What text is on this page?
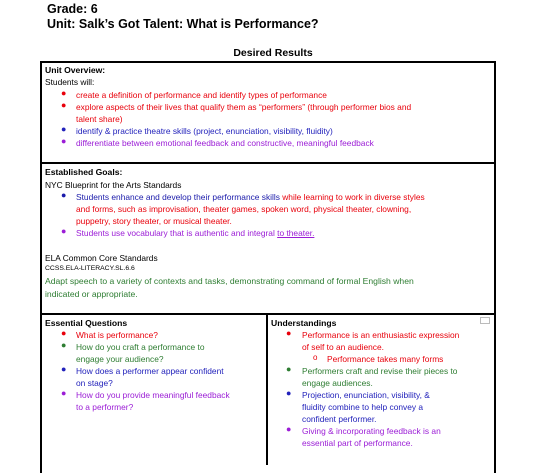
Grade: 6
Unit: Salk’s Got Talent: What is Performance?
Desired Results
Unit Overview:
Students will:
● create a definition of performance and identify types of performance
● explore aspects of their lives that qualify them as “performers” (through performer bios and
talent share)
● identify & practice theatre skills (project, enunciation, visibility, fluidity)
● differentiate between emotional feedback and constructive, meaningful feedback
Established Goals:
NYC Blueprint for the Arts Standards
● Students enhance and develop their performance skills while learning to work in diverse styles
and forms, such as improvisation, theater games, spoken word, physical theater, clowning,
puppetry, story theater, or musical theater.
● Students use vocabulary that is authentic and integral to theater.
ELA Common Core Standards
CCSS.ELA-LITERACY.SL.6.6
Adapt speech to a variety of contexts and tasks, demonstrating command of formal English when
indicated or appropriate.
Essential Questions
● What is performance?
● How do you craft a performance to
engage your audience?
● How does a performer appear confident
on stage?
● How do you provide meaningful feedback
to a performer?
Understandings
● Performance is an enthusiastic expression
of self to an audience.
o Performance takes many forms
● Performers craft and revise their pieces to
engage audiences.
● Projection, enunciation, visibility, &
fluidity combine to help convey a
confident performer.
● Giving & incorporating feedback is an
essential part of performance.
